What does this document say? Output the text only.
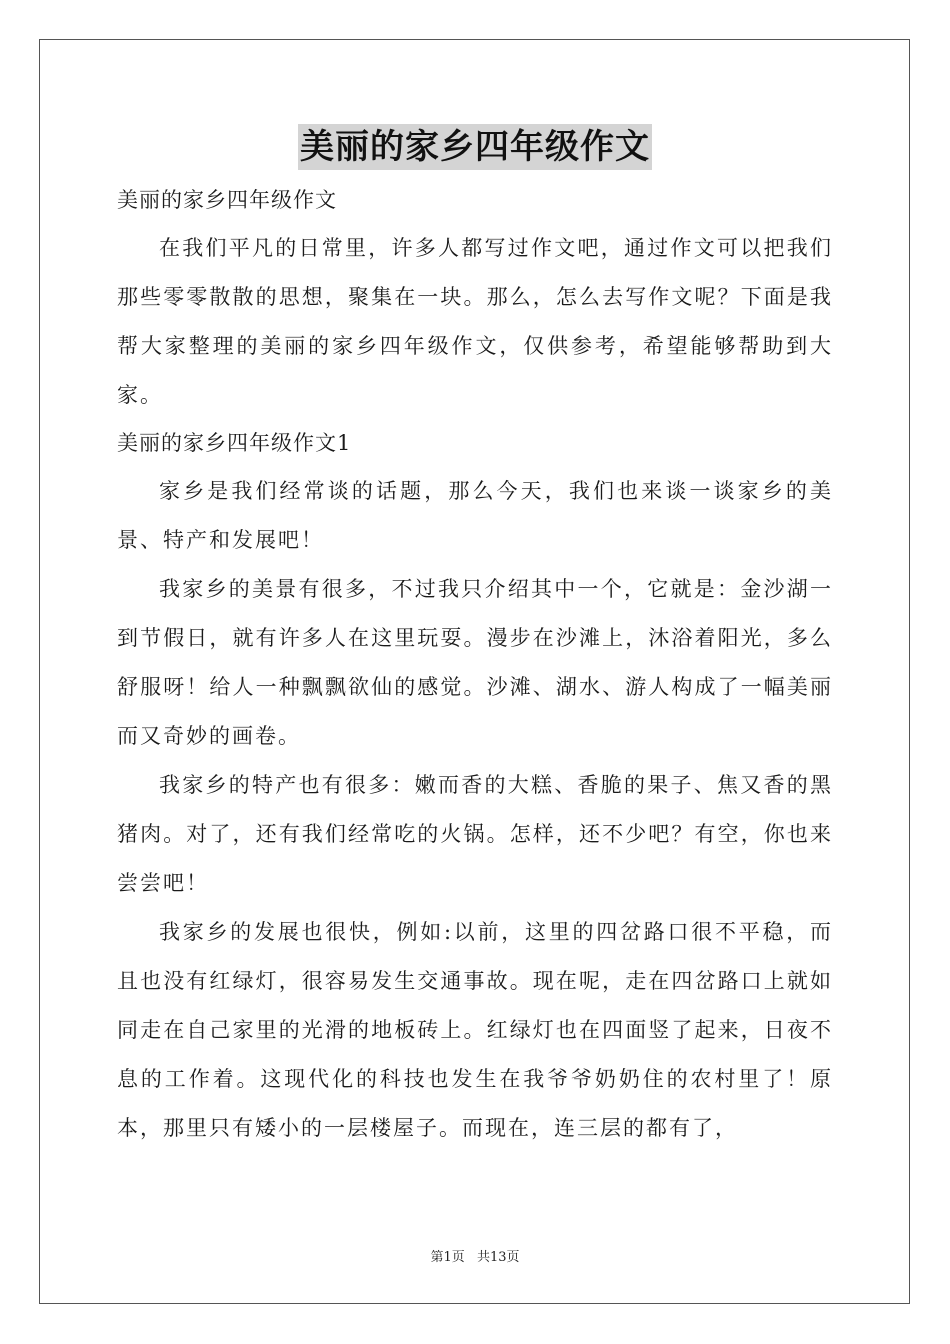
美丽的家乡四年级作文

美丽的家乡四年级作文

在我们平凡的日常里，许多人都写过作文吧，通过作文可以把我们那些零零散散的思想，聚集在一块。那么，怎么去写作文呢？下面是我帮大家整理的美丽的家乡四年级作文，仅供参考，希望能够帮助到大家。

美丽的家乡四年级作文1

家乡是我们经常谈的话题，那么今天，我们也来谈一谈家乡的美景、特产和发展吧！

我家乡的美景有很多，不过我只介绍其中一个，它就是：金沙湖一到节假日，就有许多人在这里玩耍。漫步在沙滩上，沐浴着阳光，多么舒服呀！给人一种飘飘欲仙的感觉。沙滩、湖水、游人构成了一幅美丽而又奇妙的画卷。

我家乡的特产也有很多：嫩而香的大糕、香脆的果子、焦又香的黑猪肉。对了，还有我们经常吃的火锅。怎样，还不少吧？有空，你也来尝尝吧！

我家乡的发展也很快，例如:以前，这里的四岔路口很不平稳，而且也没有红绿灯，很容易发生交通事故。现在呢，走在四岔路口上就如同走在自己家里的光滑的地板砖上。红绿灯也在四面竖了起来，日夜不息的工作着。这现代化的科技也发生在我爷爷奶奶住的农村里了！原本，那里只有矮小的一层楼屋子。而现在，连三层的都有了，

第1页 共13页
